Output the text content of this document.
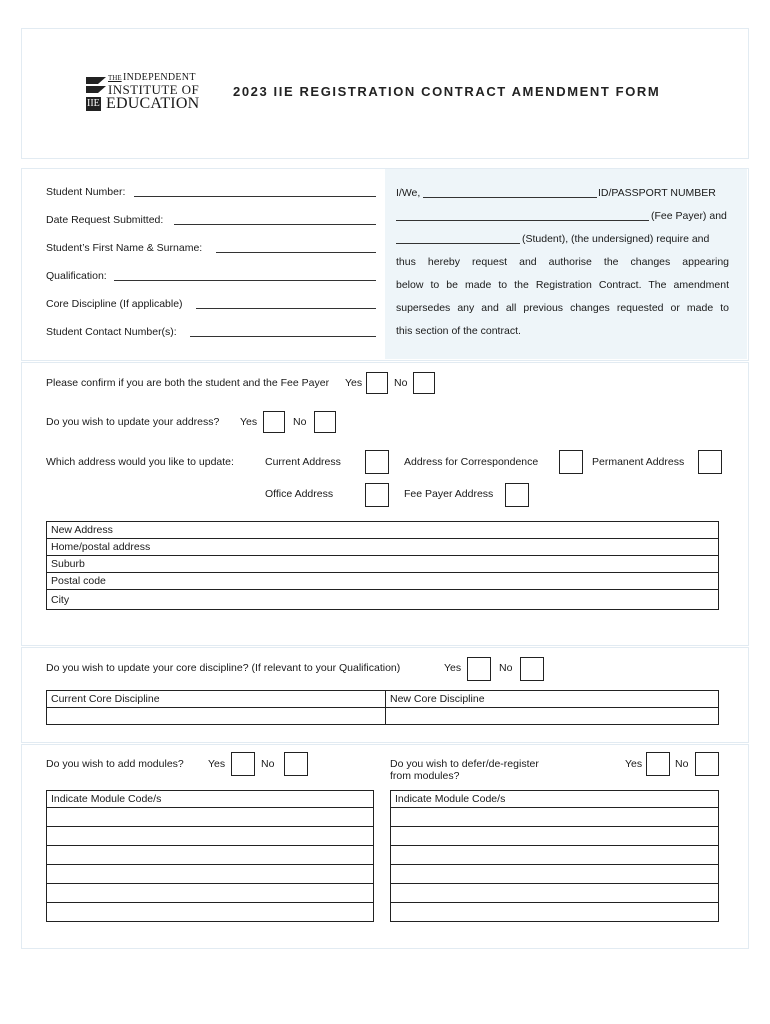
THE INDEPENDENT
INSTITUTE OF
IIE EDUCATION
2023 IIE REGISTRATION CONTRACT AMENDMENT FORM
Student Number:
Date Request Submitted:
Student’s First Name & Surname:
Qualification:
Core Discipline (If applicable)
Student Contact Number(s):
I/We,	ID/PASSPORT NUMBER
(Fee Payer) and
(Student), (the undersigned) require and
thus hereby request and authorise the changes appearing
below to be made to the Registration Contract. The amendment
supersedes any and all previous changes requested or made to
this section of the contract.
Please confirm if you are both the student and the Fee Payer Yes	No
Do you wish to update your address? Yes	No
Which address would you like to update:	Current Address	Address for Correspondence	Permanent Address
Office Address	Fee Payer Address
New Address
Home/postal address
Suburb
Postal code
City
Do you wish to update your core discipline? (If relevant to your Qualification)	Yes	No
Current Core Discipline	New Core Discipline

Do you wish to add modules? Yes	No	Do you wish to defer/de-register
from modules?
Yes	No
Indicate Module Code/s	Indicate Module Code/s
